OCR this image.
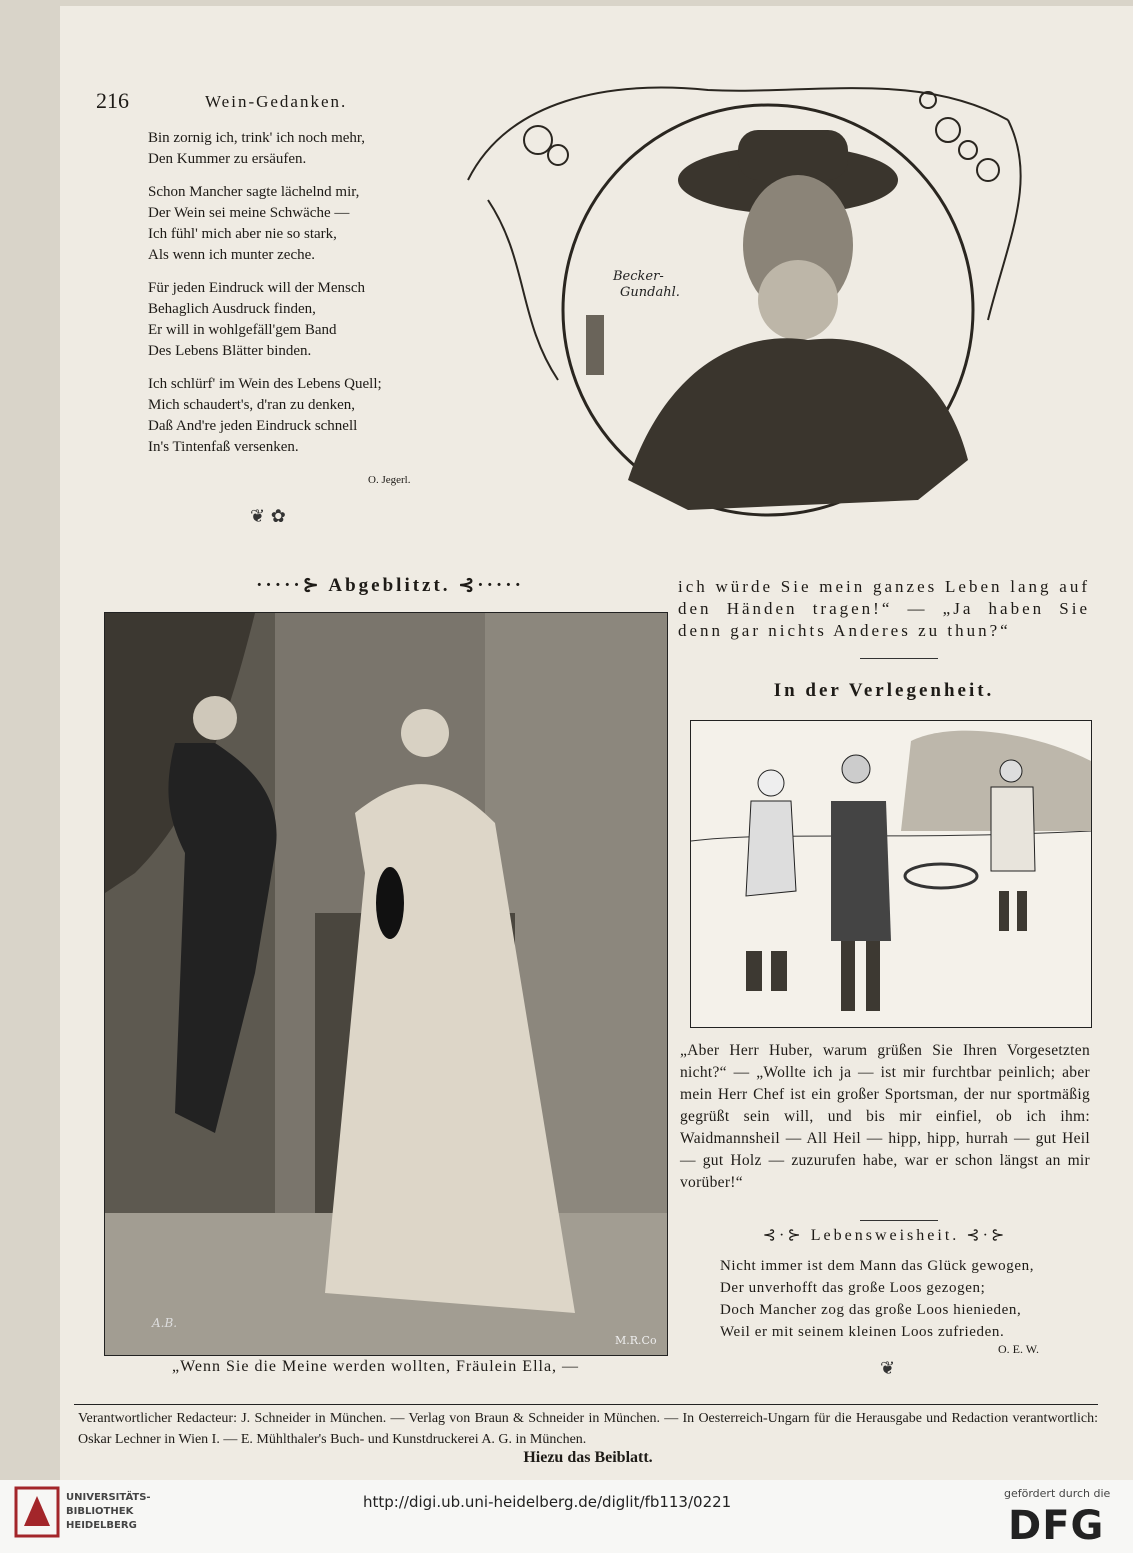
216	Wein-Gedanken.
Bin zornig ich, trink' ich noch mehr,
Den Kummer zu ersäufen.
Schon Mancher sagte lächelnd mir,
Der Wein sei meine Schwäche —
Ich fühl' mich aber nie so stark,
Als wenn ich munter zeche.
Für jeden Eindruck will der Mensch
Behaglich Ausdruck finden,
Er will in wohlgefäll'gem Band
Des Lebens Blätter binden.
Ich schlürf' im Wein des Lebens Quell;
Mich schaudert's, d'ran zu denken,
Daß And're jeden Eindruck schnell
In's Tintenfaß versenken.
O. Jegerl.
❦ ✿
Becker-
Gundahl.
·····⊱ Abgeblitzt. ⊰·····
A.B.
M.R.Co
„Wenn Sie die Meine werden wollten, Fräulein Ella, —
ich würde Sie mein ganzes Leben lang auf den Händen tragen!“ — „Ja haben Sie denn gar nichts Anderes zu thun?“
In der Verlegenheit.
„Aber Herr Huber, warum grüßen Sie Ihren Vorgesetzten nicht?“ — „Wollte ich ja — ist mir furchtbar peinlich; aber mein Herr Chef ist ein großer Sportsman, der nur sportmäßig gegrüßt sein will, und bis mir einfiel, ob ich ihm: Waidmannsheil — All Heil — hipp, hipp, hurrah — gut Heil — gut Holz — zuzurufen habe, war er schon längst an mir vorüber!“
⊰·⊱ Lebensweisheit. ⊰·⊱
Nicht immer ist dem Mann das Glück gewogen,
Der unverhofft das große Loos gezogen;
Doch Mancher zog das große Loos hienieden,
Weil er mit seinem kleinen Loos zufrieden.
O. E. W.
❦
Verantwortlicher Redacteur: J. Schneider in München. — Verlag von Braun & Schneider in München. — In Oesterreich-Ungarn für die Herausgabe und Redaction verantwortlich: Oskar Lechner in Wien I. — E. Mühlthaler's Buch- und Kunstdruckerei A. G. in München.
Hiezu das Beiblatt.
UNIVERSITÄTS-
BIBLIOTHEK
HEIDELBERG
http://digi.ub.uni-heidelberg.de/diglit/fb113/0221	gefördert durch die
DFG
